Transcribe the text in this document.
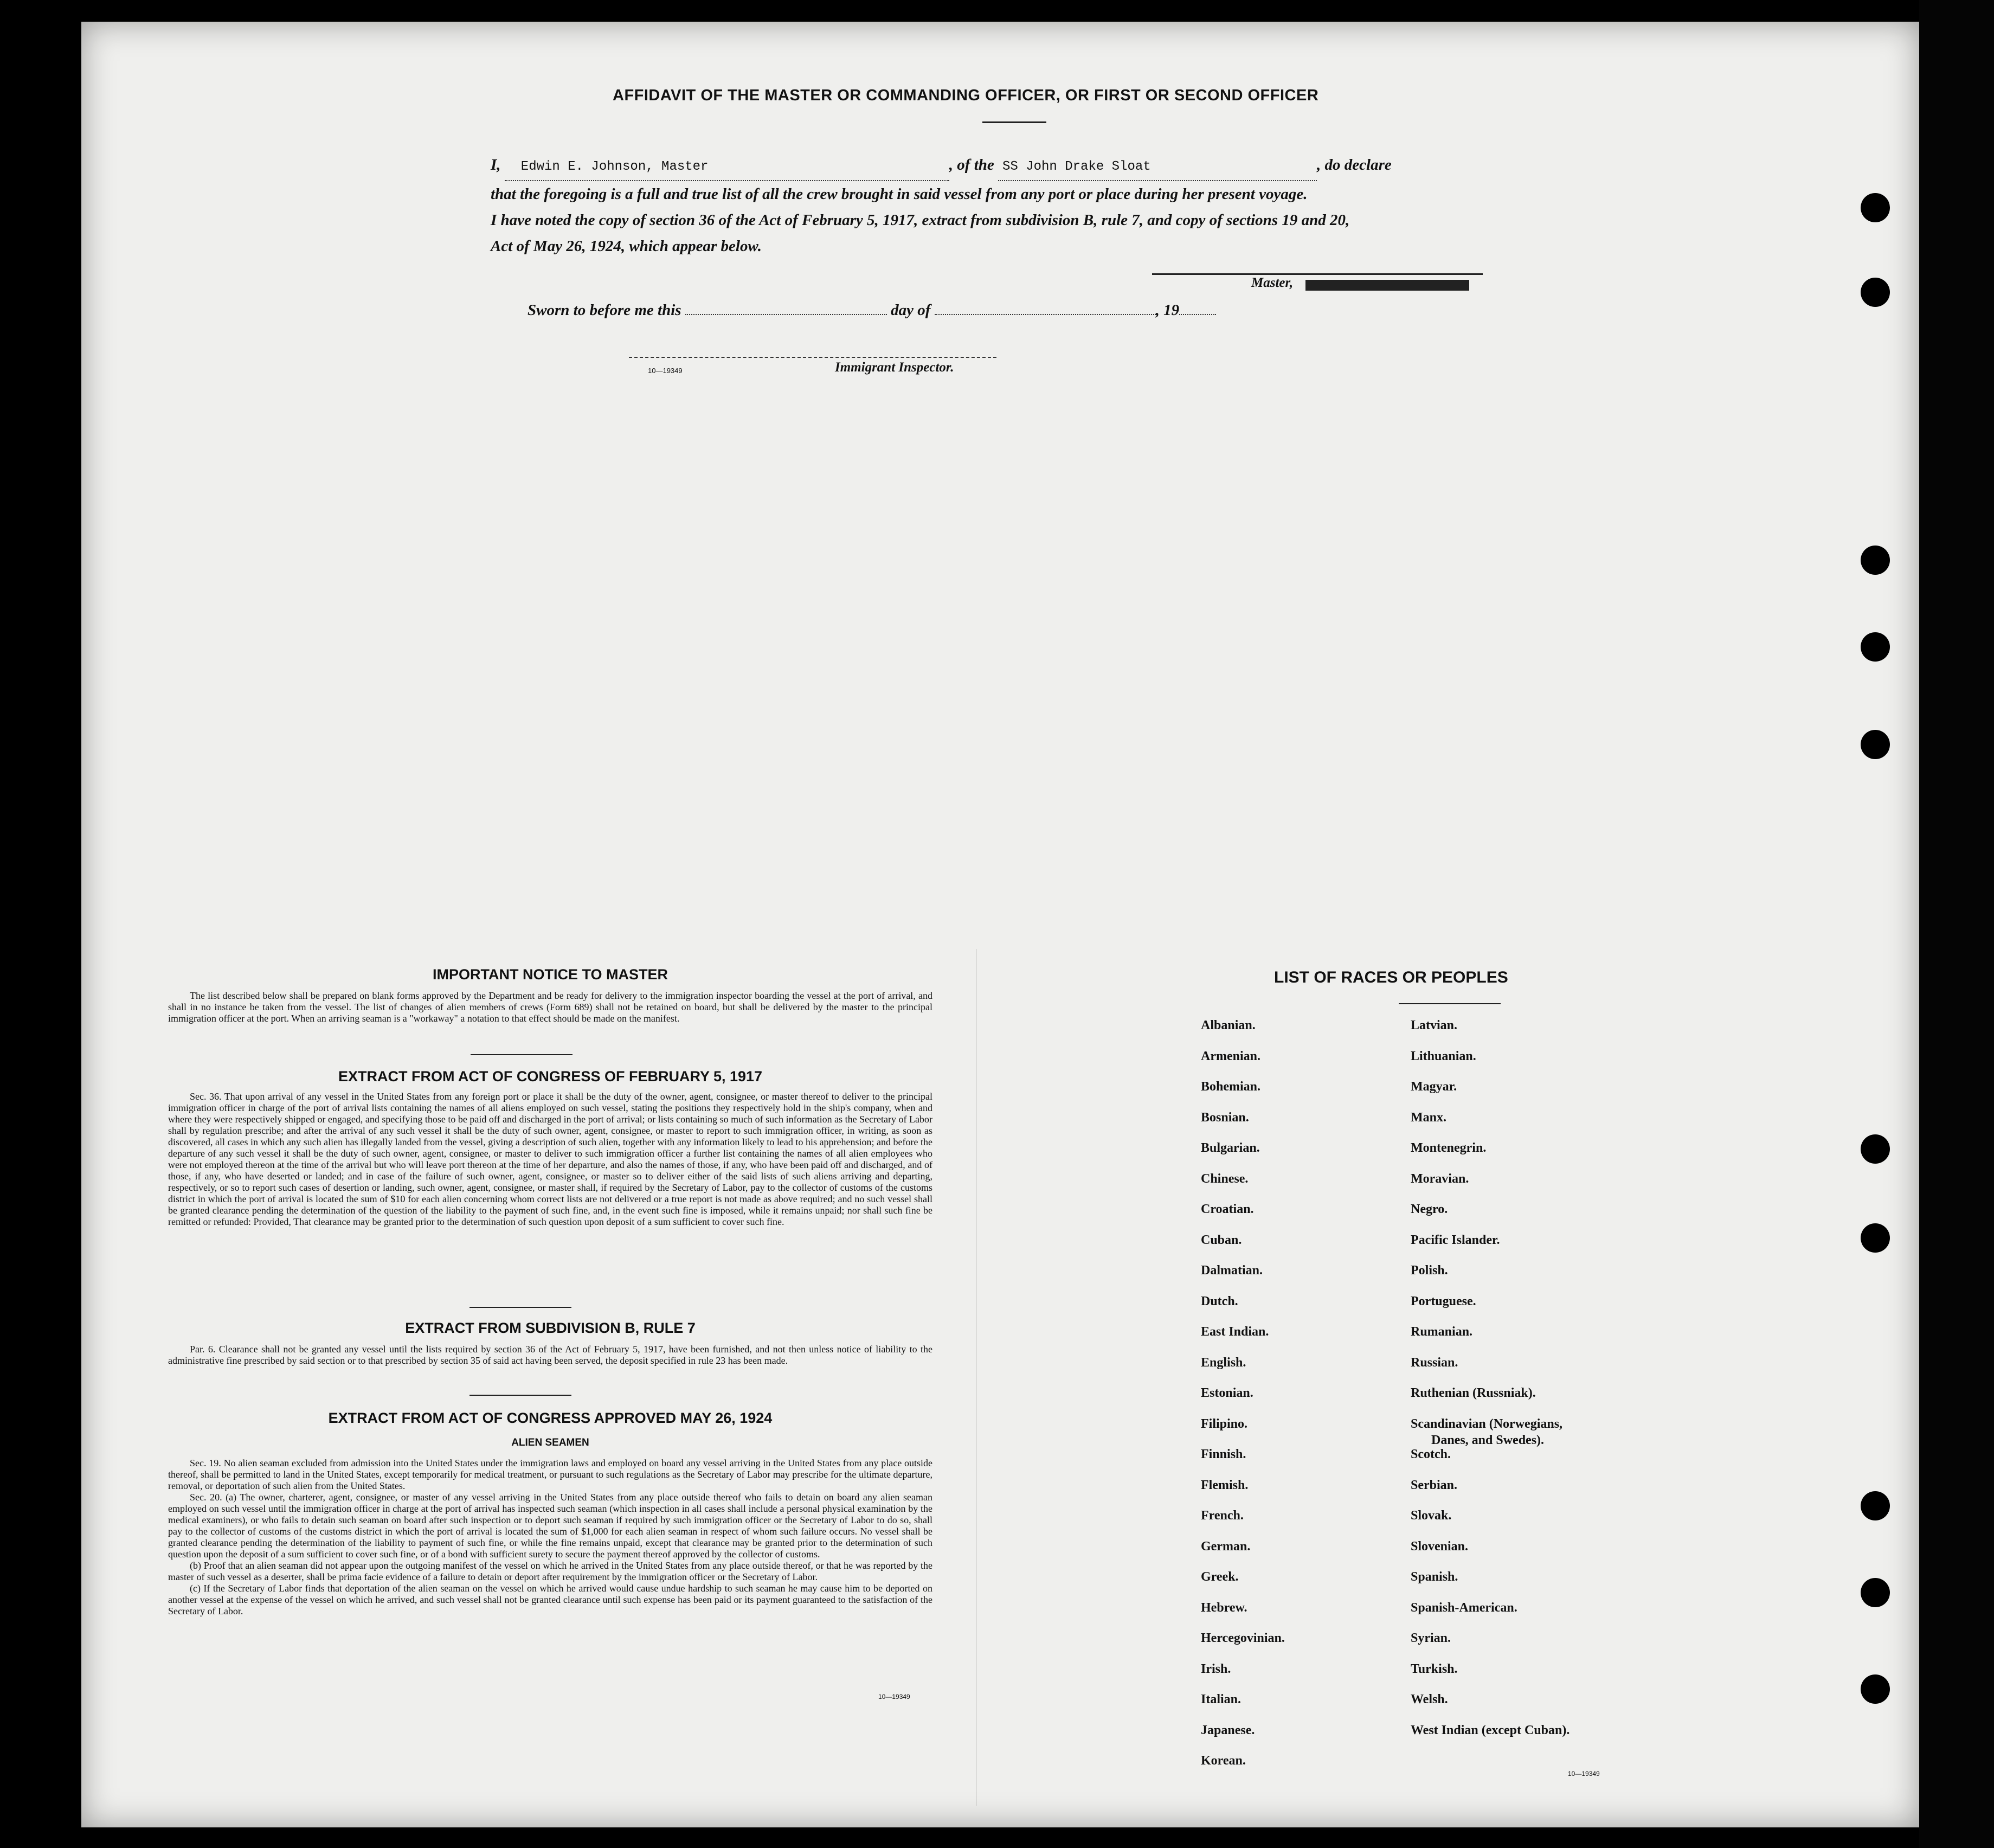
AFFIDAVIT OF THE MASTER OR COMMANDING OFFICER, OR FIRST OR SECOND OFFICER
I, Edwin E. Johnson, Master	, of the SS John Drake Sloat	, do declare
that the foregoing is a full and true list of all the crew brought in said vessel from any port or place during her present voyage.
I have noted the copy of section 36 of the Act of February 5, 1917, extract from subdivision B, rule 7, and copy of sections 19 and 20,
Act of May 26, 1924, which appear below.
Master,
Sworn to before me this	day of	, 19
10—19349	Immigrant Inspector.
IMPORTANT NOTICE TO MASTER
The list described below shall be prepared on blank forms approved by the Department and be ready for delivery to the immigration inspector boarding the vessel at the port of arrival, and shall in no instance be taken from the vessel. The list of changes of alien members of crews (Form 689) shall not be retained on board, but shall be delivered by the master to the principal immigration officer at the port. When an arriving seaman is a "workaway" a notation to that effect should be made on the manifest.
EXTRACT FROM ACT OF CONGRESS OF FEBRUARY 5, 1917
Sec. 36. That upon arrival of any vessel in the United States from any foreign port or place it shall be the duty of the owner, agent, consignee, or master thereof to deliver to the principal immigration officer in charge of the port of arrival lists containing the names of all aliens employed on such vessel, stating the positions they respectively hold in the ship's company, when and where they were respectively shipped or engaged, and specifying those to be paid off and discharged in the port of arrival; or lists containing so much of such information as the Secretary of Labor shall by regulation prescribe; and after the arrival of any such vessel it shall be the duty of such owner, agent, consignee, or master to report to such immigration officer, in writing, as soon as discovered, all cases in which any such alien has illegally landed from the vessel, giving a description of such alien, together with any information likely to lead to his apprehension; and before the departure of any such vessel it shall be the duty of such owner, agent, consignee, or master to deliver to such immigration officer a further list containing the names of all alien employees who were not employed thereon at the time of the arrival but who will leave port thereon at the time of her departure, and also the names of those, if any, who have been paid off and discharged, and of those, if any, who have deserted or landed; and in case of the failure of such owner, agent, consignee, or master so to deliver either of the said lists of such aliens arriving and departing, respectively, or so to report such cases of desertion or landing, such owner, agent, consignee, or master shall, if required by the Secretary of Labor, pay to the collector of customs of the customs district in which the port of arrival is located the sum of $10 for each alien concerning whom correct lists are not delivered or a true report is not made as above required; and no such vessel shall be granted clearance pending the determination of the question of the liability to the payment of such fine, and, in the event such fine is imposed, while it remains unpaid; nor shall such fine be remitted or refunded: Provided, That clearance may be granted prior to the determination of such question upon deposit of a sum sufficient to cover such fine.
EXTRACT FROM SUBDIVISION B, RULE 7
Par. 6. Clearance shall not be granted any vessel until the lists required by section 36 of the Act of February 5, 1917, have been furnished, and not then unless notice of liability to the administrative fine prescribed by said section or to that prescribed by section 35 of said act having been served, the deposit specified in rule 23 has been made.
EXTRACT FROM ACT OF CONGRESS APPROVED MAY 26, 1924
ALIEN SEAMEN
Sec. 19. No alien seaman excluded from admission into the United States under the immigration laws and employed on board any vessel arriving in the United States from any place outside thereof, shall be permitted to land in the United States, except temporarily for medical treatment, or pursuant to such regulations as the Secretary of Labor may prescribe for the ultimate departure, removal, or deportation of such alien from the United States.
Sec. 20. (a) The owner, charterer, agent, consignee, or master of any vessel arriving in the United States from any place outside thereof who fails to detain on board any alien seaman employed on such vessel until the immigration officer in charge at the port of arrival has inspected such seaman (which inspection in all cases shall include a personal physical examination by the medical examiners), or who fails to detain such seaman on board after such inspection or to deport such seaman if required by such immigration officer or the Secretary of Labor to do so, shall pay to the collector of customs of the customs district in which the port of arrival is located the sum of $1,000 for each alien seaman in respect of whom such failure occurs. No vessel shall be granted clearance pending the determination of the liability to payment of such fine, or while the fine remains unpaid, except that clearance may be granted prior to the determination of such question upon the deposit of a sum sufficient to cover such fine, or of a bond with sufficient surety to secure the payment thereof approved by the collector of customs.
(b) Proof that an alien seaman did not appear upon the outgoing manifest of the vessel on which he arrived in the United States from any place outside thereof, or that he was reported by the master of such vessel as a deserter, shall be prima facie evidence of a failure to detain or deport after requirement by the immigration officer or the Secretary of Labor.
(c) If the Secretary of Labor finds that deportation of the alien seaman on the vessel on which he arrived would cause undue hardship to such seaman he may cause him to be deported on another vessel at the expense of the vessel on which he arrived, and such vessel shall not be granted clearance until such expense has been paid or its payment guaranteed to the satisfaction of the Secretary of Labor.
10—19349
LIST OF RACES OR PEOPLES
Albanian.
Armenian.
Bohemian.
Bosnian.
Bulgarian.
Chinese.
Croatian.
Cuban.
Dalmatian.
Dutch.
East Indian.
English.
Estonian.
Filipino.
Finnish.
Flemish.
French.
German.
Greek.
Hebrew.
Hercegovinian.
Irish.
Italian.
Japanese.
Korean.
Latvian.
Lithuanian.
Magyar.
Manx.
Montenegrin.
Moravian.
Negro.
Pacific Islander.
Polish.
Portuguese.
Rumanian.
Russian.
Ruthenian (Russniak).
Scandinavian (Norwegians,
Danes, and Swedes).
Scotch.
Serbian.
Slovak.
Slovenian.
Spanish.
Spanish-American.
Syrian.
Turkish.
Welsh.
West Indian (except Cuban).
10—19349
